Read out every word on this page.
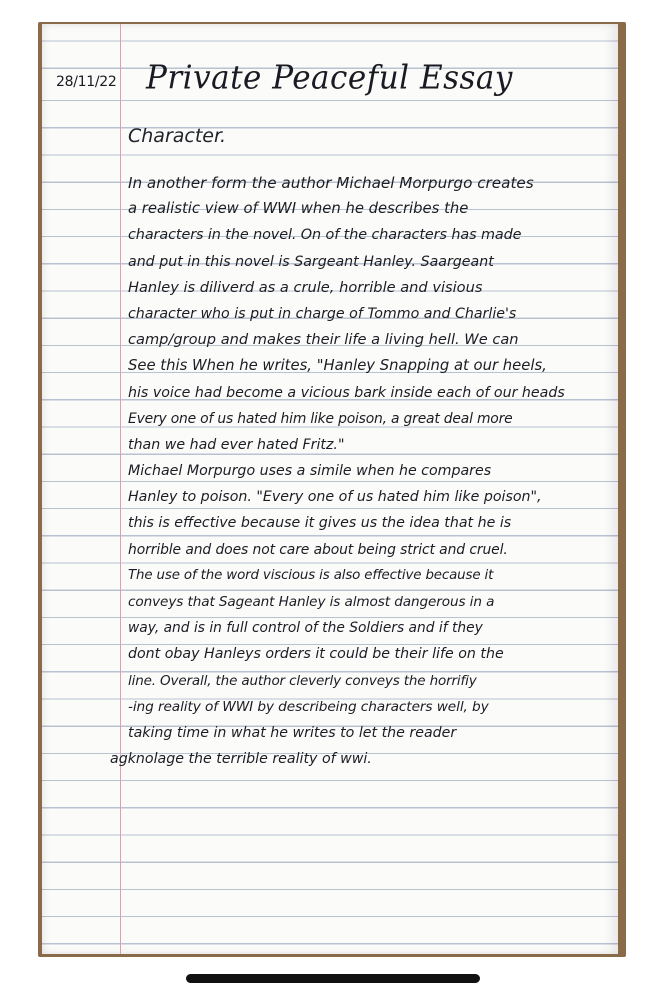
28/11/22 Private Peaceful Essay
Character.
In another form the author Michael Morpurgo creates
a realistic view of WWI when he describes the
characters in the novel. On of the characters has made
and put in this novel is Sargeant Hanley. Saargeant
Hanley is diliverd as a crule, horrible and visious
character who is put in charge of Tommo and Charlie's
camp/group and makes their life a living hell. We can
See this When he writes, "Hanley Snapping at our heels,
his voice had become a vicious bark inside each of our heads
Every one of us hated him like poison, a great deal more
than we had ever hated Fritz."
Michael Morpurgo uses a simile when he compares
Hanley to poison. "Every one of us hated him like poison",
this is effective because it gives us the idea that he is
horrible and does not care about being strict and cruel.
The use of the word viscious is also effective because it
conveys that Sageant Hanley is almost dangerous in a
way, and is in full control of the Soldiers and if they
dont obay Hanleys orders it could be their life on the
line. Overall, the author cleverly conveys the horrifiy
-ing reality of WWI by describeing characters well, by
taking time in what he writes to let the reader
agknolage the terrible reality of wwi.
